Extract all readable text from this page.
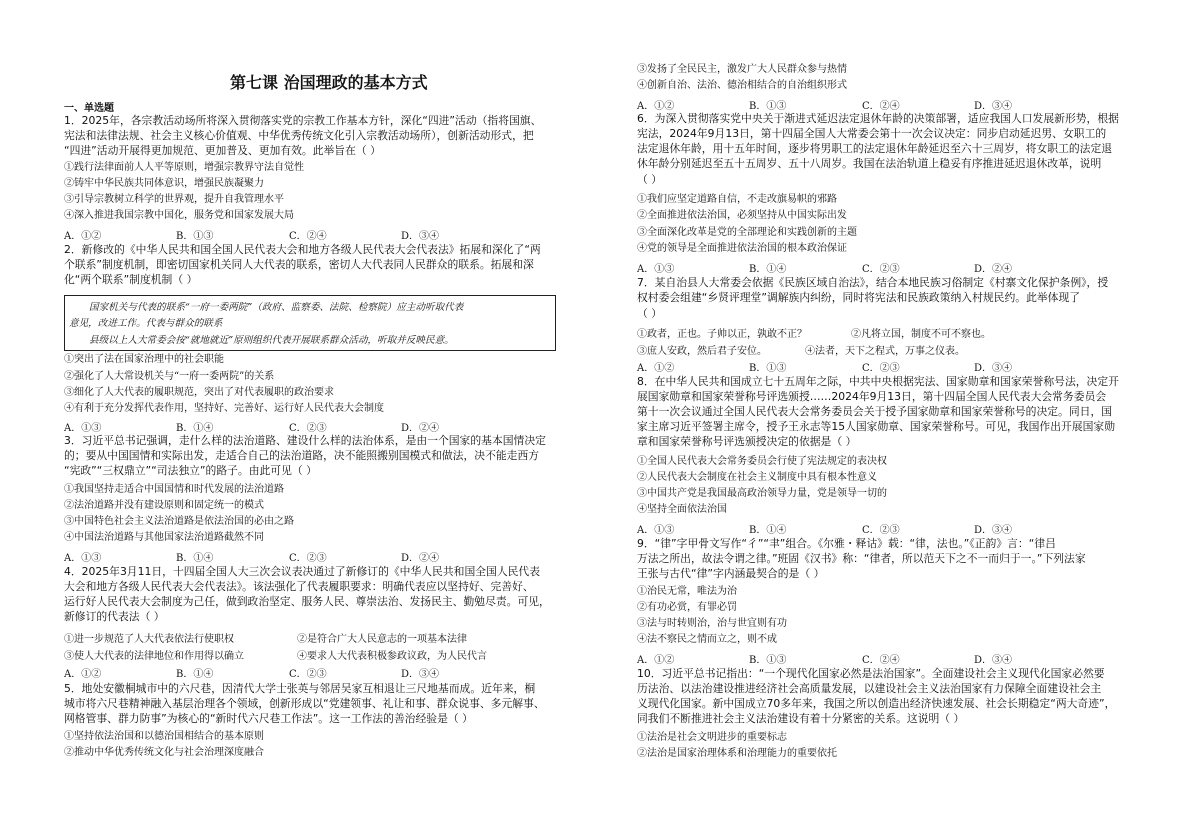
第七课 治国理政的基本方式
一、单选题
1．2025年，各宗教活动场所将深入贯彻落实党的宗教工作基本方针，深化“四进”活动（指将国旗、
宪法和法律法规、社会主义核心价值观、中华优秀传统文化引入宗教活动场所），创新活动形式，把
“四进”活动开展得更加规范、更加普及、更加有效。此举旨在（ ）
①践行法律面前人人平等原则，增强宗教界守法自觉性
②铸牢中华民族共同体意识，增强民族凝聚力
③引导宗教树立科学的世界观，提升自我管理水平
④深入推进我国宗教中国化，服务党和国家发展大局
A．①②	B．①③	C．②④	D．③④
2．新修改的《中华人民共和国全国人民代表大会和地方各级人民代表大会代表法》拓展和深化了“两
个联系”制度机制，即密切国家机关同人大代表的联系，密切人大代表同人民群众的联系。拓展和深
化“两个联系”制度机制（ ）
国家机关与代表的联系“一府一委两院”（政府、监察委、法院、检察院）应主动听取代表
意见，改进工作。代表与群众的联系
县级以上人大常委会按“就地就近”原则组织代表开展联系群众活动，听取并反映民意。
①突出了法在国家治理中的社会职能
②强化了人大常设机关与“一府一委两院”的关系
③细化了人大代表的履职规范，突出了对代表履职的政治要求
④有利于充分发挥代表作用，坚持好、完善好、运行好人民代表大会制度
A．①③	B．①④	C．②③	D．②④
3．习近平总书记强调，走什么样的法治道路、建设什么样的法治体系，是由一个国家的基本国情决定
的；要从中国国情和实际出发，走适合自己的法治道路，决不能照搬别国模式和做法，决不能走西方
“宪政”“三权鼎立”“司法独立”的路子。由此可见（ ）
①我国坚持走适合中国国情和时代发展的法治道路
②法治道路并没有建设原则和固定统一的模式
③中国特色社会主义法治道路是依法治国的必由之路
④中国法治道路与其他国家法治道路截然不同
A．①③	B．①④	C．②③	D．②④
4．2025年3月11日，十四届全国人大三次会议表决通过了新修订的《中华人民共和国全国人民代表
大会和地方各级人民代表大会代表法》。该法强化了代表履职要求：明确代表应以坚持好、完善好、
运行好人民代表大会制度为己任，做到政治坚定、服务人民、尊崇法治、发扬民主、勤勉尽责。可见，
新修订的代表法（ ）
①进一步规范了人大代表依法行使职权	②是符合广大人民意志的一项基本法律
③使人大代表的法律地位和作用得以确立	④要求人大代表积极参政议政，为人民代言
A．①②	B．①④	C．②③	D．③④
5．地处安徽桐城市中的六尺巷，因清代大学士张英与邻居吴家互相退让三尺地基而成。近年来，桐
城市将六尺巷精神融入基层治理各个领域，创新形成以“党建领事、礼让和事、群众说事、多元解事、
网格管事、群力防事”为核心的“新时代六尺巷工作法”。这一工作法的善治经验是（ ）
①坚持依法治国和以德治国相结合的基本原则
②推动中华优秀传统文化与社会治理深度融合
③发扬了全民民主，激发广大人民群众参与热情
④创新自治、法治、德治相结合的自治组织形式
A．①②	B．①③	C．②④	D．③④
6．为深入贯彻落实党中央关于渐进式延迟法定退休年龄的决策部署，适应我国人口发展新形势，根据
宪法，2024年9月13日，第十四届全国人大常委会第十一次会议决定：同步启动延迟男、女职工的
法定退休年龄，用十五年时间，逐步将男职工的法定退休年龄延迟至六十三周岁，将女职工的法定退
休年龄分别延迟至五十五周岁、五十八周岁。我国在法治轨道上稳妥有序推进延迟退休改革，说明
（ ）
①我们应坚定道路自信，不走改旗易帜的邪路
②全面推进依法治国，必须坚持从中国实际出发
③全面深化改革是党的全部理论和实践创新的主题
④党的领导是全面推进依法治国的根本政治保证
A．①③	B．①④	C．②③	D．②④
7．某自治县人大常委会依据《民族区域自治法》，结合本地民族习俗制定《村寨文化保护条例》，授
权村委会组建“乡贤评理堂”调解族内纠纷，同时将宪法和民族政策纳入村规民约。此举体现了
（ ）
①政者，正也。子帅以正，孰敢不正？	②凡将立国，制度不可不察也。
③庶人安政，然后君子安位。	④法者，天下之程式，万事之仪表。
A．①②	B．①③	C．②③	D．③④
8．在中华人民共和国成立七十五周年之际，中共中央根据宪法、国家勋章和国家荣誉称号法，决定开
展国家勋章和国家荣誉称号评选颁授……2024年9月13日，第十四届全国人民代表大会常务委员会
第十一次会议通过全国人民代表大会常务委员会关于授予国家勋章和国家荣誉称号的决定。同日，国
家主席习近平签署主席令，授予王永志等15人国家勋章、国家荣誉称号。可见，我国作出开展国家勋
章和国家荣誉称号评选颁授决定的依据是（ ）
①全国人民代表大会常务委员会行使了宪法规定的表决权
②人民代表大会制度在社会主义制度中具有根本性意义
③中国共产党是我国最高政治领导力量，党是领导一切的
④坚持全面依法治国
A．①③	B．①④	C．②③	D．③④
9．“律”字甲骨文写作“彳”“聿”组合。《尔雅・释诂》载：“律，法也。”《正韵》言：“律吕
万法之所出，故法令谓之律。”班固《汉书》称：“律者，所以范天下之不一而归于一。”下列法家
王张与古代“律”字内涵最契合的是（ ）
①治民无常，唯法为治
②有功必赏，有罪必罚
③法与时转则治，治与世宜则有功
④法不察民之情而立之，则不成
A．①②	B．①③	C．②④	D．③④
10．习近平总书记指出：“一个现代化国家必然是法治国家”。全面建设社会主义现代化国家必然要
历法治、以法治建设推进经济社会高质量发展，以建设社会主义法治国家有力保障全面建设社会主
义现代化国家。新中国成立70多年来，我国之所以创造出经济快速发展、社会长期稳定“两大奇迹”，
同我们不断推进社会主义法治建设有着十分紧密的关系。这说明（ ）
①法治是社会文明进步的重要标志
②法治是国家治理体系和治理能力的重要依托
